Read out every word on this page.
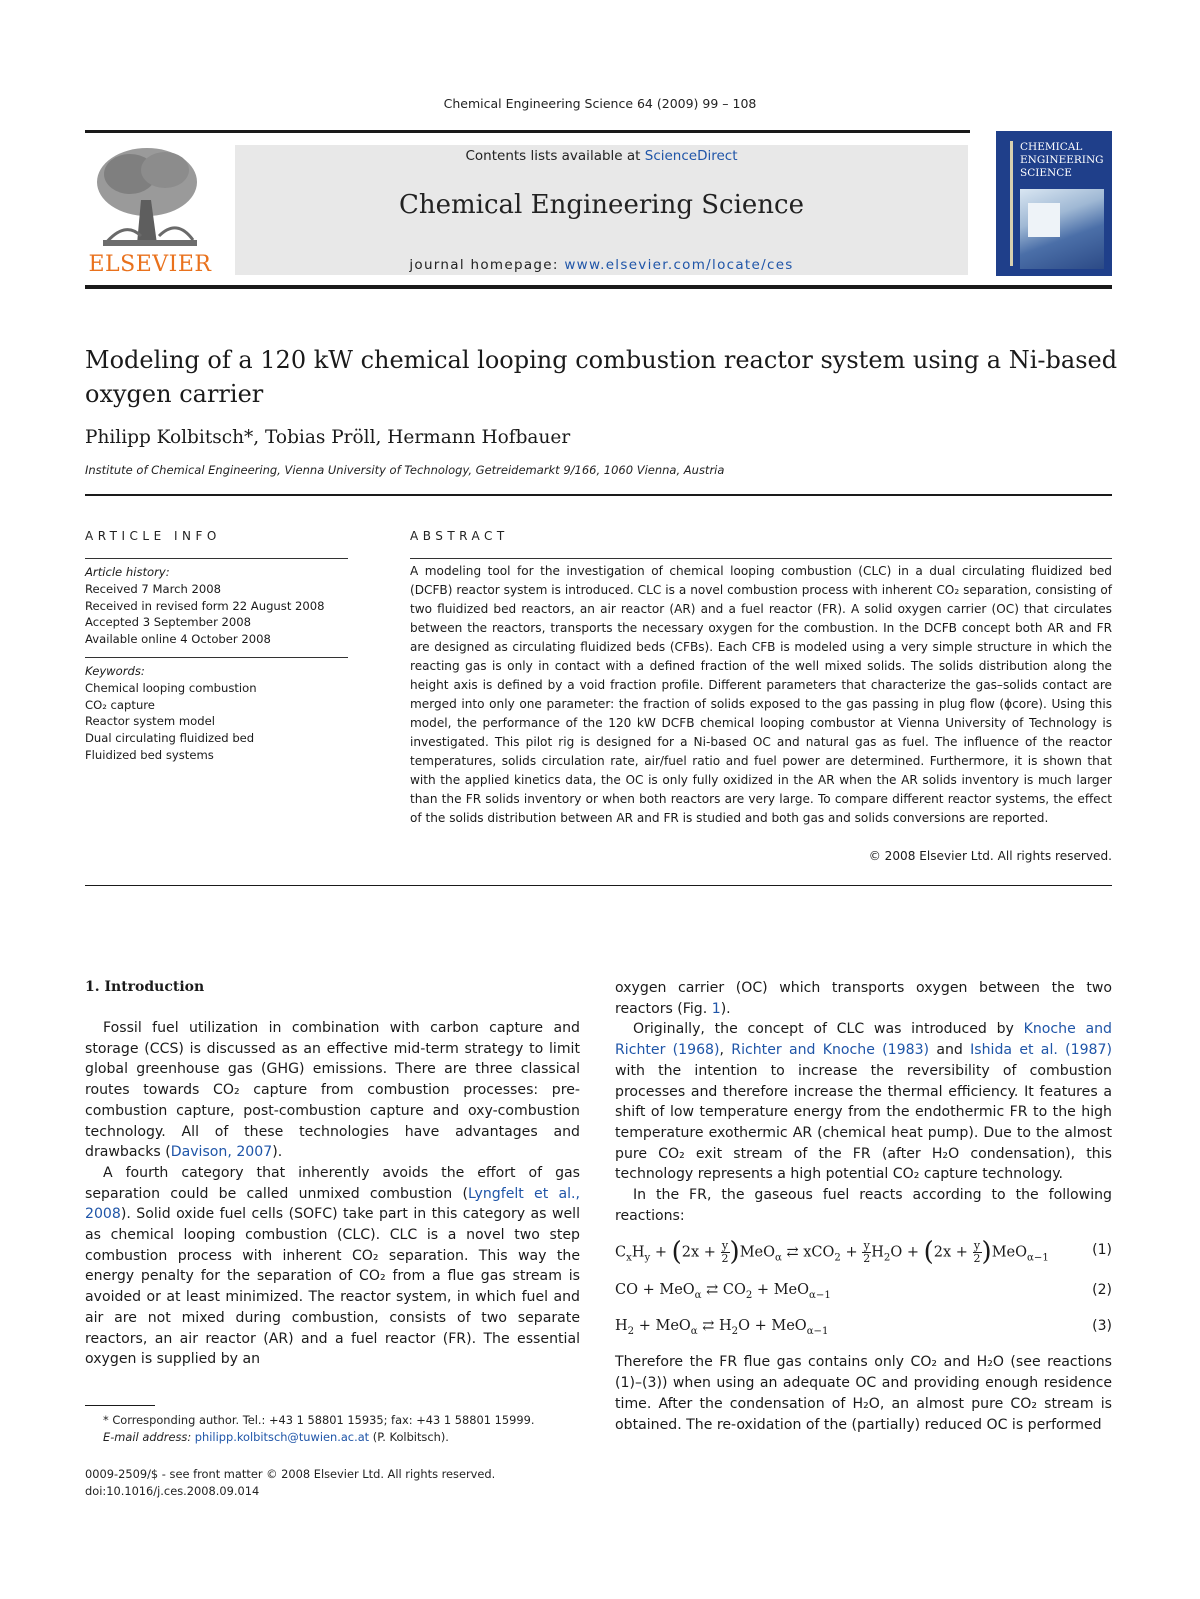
Chemical Engineering Science 64 (2009) 99 – 108
ELSEVIER
Contents lists available at ScienceDirect
Chemical Engineering Science
journal homepage: www.elsevier.com/locate/ces
CHEMICAL ENGINEERING SCIENCE
Modeling of a 120 kW chemical looping combustion reactor system using a Ni-based oxygen carrier
Philipp Kolbitsch*, Tobias Pröll, Hermann Hofbauer
Institute of Chemical Engineering, Vienna University of Technology, Getreidemarkt 9/166, 1060 Vienna, Austria
ARTICLE INFO	ABSTRACT
Article history:
Received 7 March 2008
Received in revised form 22 August 2008
Accepted 3 September 2008
Available online 4 October 2008
Keywords:
Chemical looping combustion
CO₂ capture
Reactor system model
Dual circulating fluidized bed
Fluidized bed systems
A modeling tool for the investigation of chemical looping combustion (CLC) in a dual circulating fluidized bed (DCFB) reactor system is introduced. CLC is a novel combustion process with inherent CO₂ separation, consisting of two fluidized bed reactors, an air reactor (AR) and a fuel reactor (FR). A solid oxygen carrier (OC) that circulates between the reactors, transports the necessary oxygen for the combustion. In the DCFB concept both AR and FR are designed as circulating fluidized beds (CFBs). Each CFB is modeled using a very simple structure in which the reacting gas is only in contact with a defined fraction of the well mixed solids. The solids distribution along the height axis is defined by a void fraction profile. Different parameters that characterize the gas–solids contact are merged into only one parameter: the fraction of solids exposed to the gas passing in plug flow (ϕcore). Using this model, the performance of the 120 kW DCFB chemical looping combustor at Vienna University of Technology is investigated. This pilot rig is designed for a Ni-based OC and natural gas as fuel. The influence of the reactor temperatures, solids circulation rate, air/fuel ratio and fuel power are determined. Furthermore, it is shown that with the applied kinetics data, the OC is only fully oxidized in the AR when the AR solids inventory is much larger than the FR solids inventory or when both reactors are very large. To compare different reactor systems, the effect of the solids distribution between AR and FR is studied and both gas and solids conversions are reported.
© 2008 Elsevier Ltd. All rights reserved.
1. Introduction

Fossil fuel utilization in combination with carbon capture and storage (CCS) is discussed as an effective mid-term strategy to limit global greenhouse gas (GHG) emissions. There are three classical routes towards CO₂ capture from combustion processes: pre-combustion capture, post-combustion capture and oxy-combustion technology. All of these technologies have advantages and drawbacks (Davison, 2007).

A fourth category that inherently avoids the effort of gas separation could be called unmixed combustion (Lyngfelt et al., 2008). Solid oxide fuel cells (SOFC) take part in this category as well as chemical looping combustion (CLC). CLC is a novel two step combustion process with inherent CO₂ separation. This way the energy penalty for the separation of CO₂ from a flue gas stream is avoided or at least minimized. The reactor system, in which fuel and air are not mixed during combustion, consists of two separate reactors, an air reactor (AR) and a fuel reactor (FR). The essential oxygen is supplied by an

oxygen carrier (OC) which transports oxygen between the two reactors (Fig. 1).

Originally, the concept of CLC was introduced by Knoche and Richter (1968), Richter and Knoche (1983) and Ishida et al. (1987) with the intention to increase the reversibility of combustion processes and therefore increase the thermal efficiency. It features a shift of low temperature energy from the endothermic FR to the high temperature exothermic AR (chemical heat pump). Due to the almost pure CO₂ exit stream of the FR (after H₂O condensation), this technology represents a high potential CO₂ capture technology.

In the FR, the gaseous fuel reacts according to the following reactions:

$C_xH_y + (2x + \frac{y}{2} )MeO_\alpha$ ⇄ $xCO_2 + \frac{y}{2} H_2O + (2x + \frac{y}{2} )MeO_{\alpha-1}$	(1)
CO + MeO$_\alpha$ ⇄ $CO_2 + MeO_{\alpha-1}$	(2)
$H_2 + MeO_\alpha$ ⇄ $H_2O + MeO_{\alpha-1}$	(3)

Therefore the FR flue gas contains only CO₂ and H₂O (see reactions (1)–(3)) when using an adequate OC and providing enough residence time. After the condensation of H₂O, an almost pure CO₂ stream is obtained. The re-oxidation of the (partially) reduced OC is performed

* Corresponding author. Tel.: +43 1 58801 15935; fax: +43 1 58801 15999.
E-mail address: philipp.kolbitsch@tuwien.ac.at (P. Kolbitsch).
0009-2509/$ - see front matter © 2008 Elsevier Ltd. All rights reserved.
doi:10.1016/j.ces.2008.09.014
